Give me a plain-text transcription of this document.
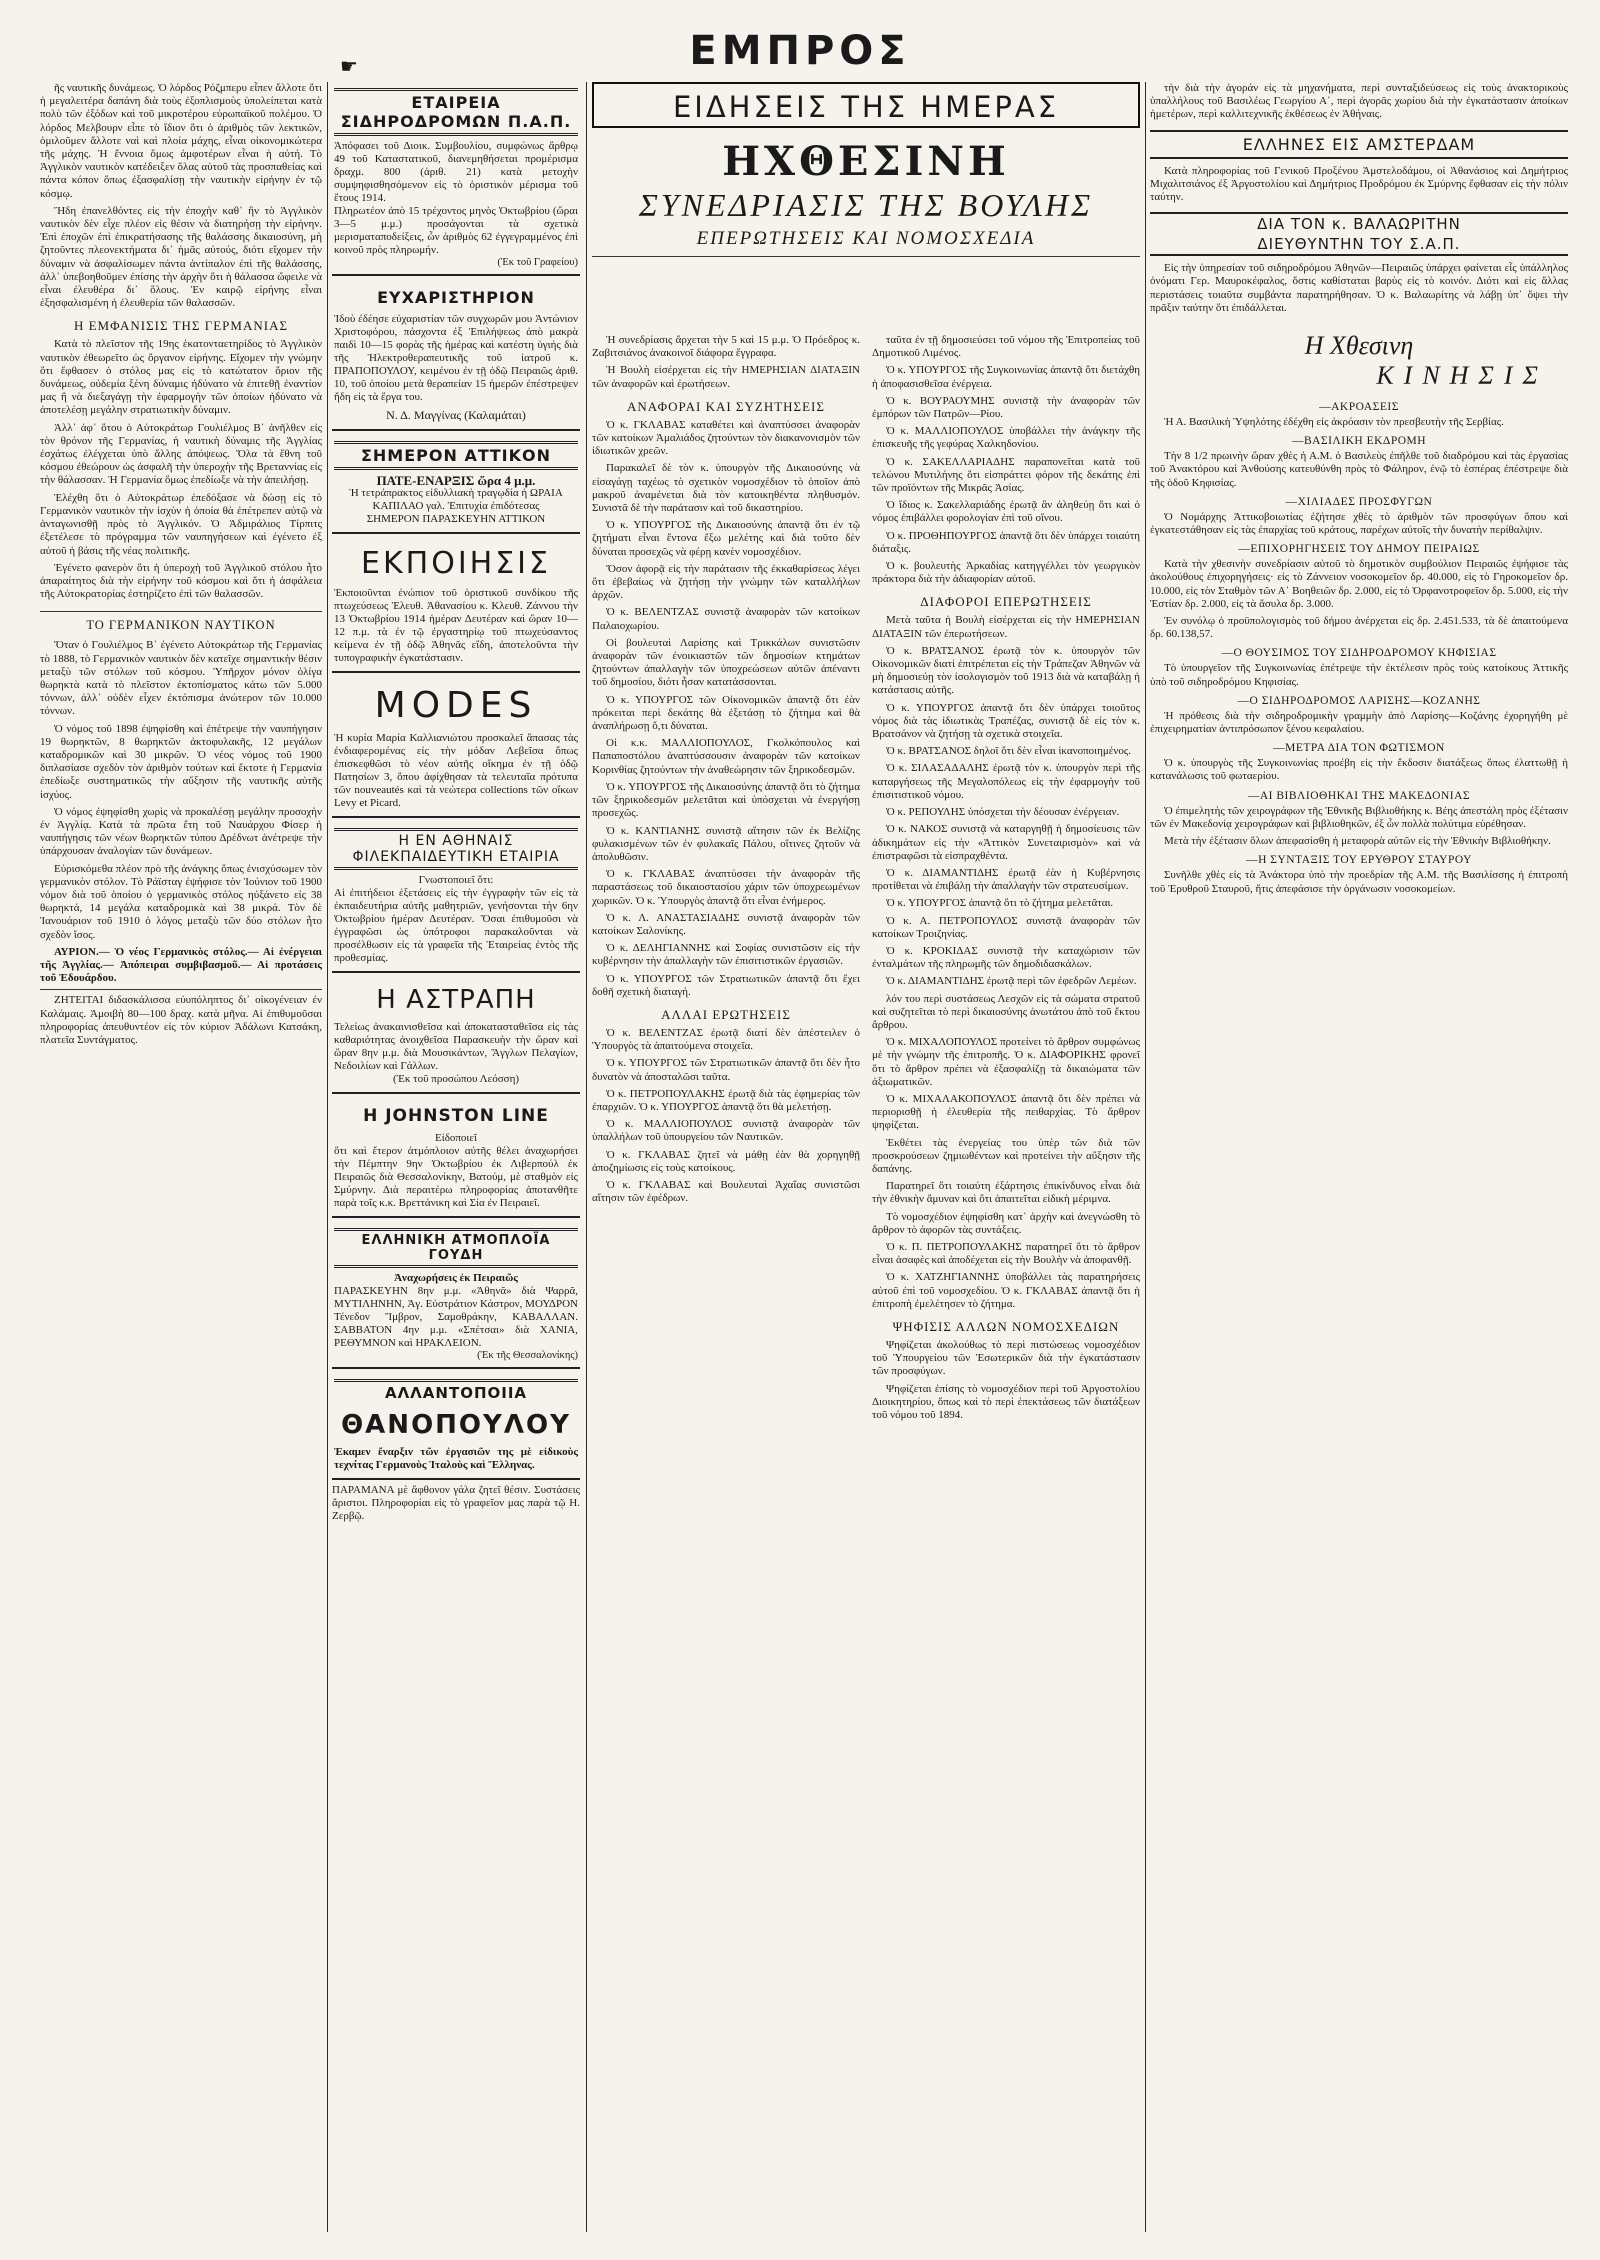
☛	ΕΜΠΡΟΣ

ῆς ναυτικῆς δυνάμεως. Ὁ λόρδος Ρόζμπερυ εἶπεν ἄλλοτε ὅτι ἡ μεγαλειτέρα δαπάνη διὰ τοὺς ἐξοπλισμοὺς ὑπολείπεται κατὰ πολὺ τῶν ἐξόδων καὶ τοῦ μικροτέρου εὐρωπαϊκοῦ πολέμου. Ὁ λόρδος Μελβουρν εἶπε τὸ ἴδιον ὅτι ὁ ἀριθμὸς τῶν λεκτικῶν, ὁμιλοῦμεν ἄλλοτε ναὶ καὶ πλοία μάχης, εἶναι οἰκονομικώτερα τῆς μάχης. Ἡ ἔννοια ὅμως ἀμφοτέρων εἶναι ἡ αὐτή. Τὸ Ἀγγλικὸν ναυτικὸν κατέδειξεν ὅλας αὐτοῦ τὰς προσπαθείας καὶ πάντα κόπον ὅπως ἐξασφαλίσῃ τὴν ναυτικὴν εἰρήνην ἐν τῷ κόσμῳ.

Ἤδη ἐπανελθόντες εἰς τὴν ἐποχὴν καθ᾽ ἣν τὸ Ἀγγλικὸν ναυτικὸν δὲν εἶχε πλέον εἰς θέσιν νὰ διατηρήσῃ τὴν εἰρήνην. Ἐπὶ ἐποχῶν ἐπὶ ἐπικρατήσασης τῆς θαλάσσης δικαιοσύνη, μὴ ζητοῦντες πλεονεκτήματα δι᾽ ἡμᾶς αὐτούς, διότι εἴχομεν τὴν δύναμιν νὰ ἀσφαλίσωμεν πάντα ἀντίπαλον ἐπὶ τῆς θαλάσσης, ἀλλ᾽ ὑπεβοηθοῦμεν ἐπίσης τὴν ἀρχὴν ὅτι ἡ θάλασσα ὤφειλε νὰ εἶναι ἐλευθέρα δι᾽ ὅλους. Ἐν καιρῷ εἰρήνης εἶναι ἐξησφαλισμένη ἡ ἐλευθερία τῶν θαλασσῶν.

Η ΕΜΦΑΝΙΣΙΣ ΤΗΣ ΓΕΡΜΑΝΙΑΣ

Κατὰ τὸ πλεῖστον τῆς 19ης ἑκατονταετηρίδος τὸ Ἀγγλικὸν ναυτικὸν ἐθεωρεῖτο ὡς ὄργανον εἰρήνης. Εἴχομεν τὴν γνώμην ὅτι ἔφθασεν ὁ στόλος μας εἰς τὸ κατώτατον ὅριον τῆς δυνάμεως, οὐδεμία ξένη δύναμις ἠδύνατο νὰ ἐπιτεθῇ ἐναντίον μας ἢ νὰ διεξαγάγῃ τὴν ἐφαρμογὴν τῶν ὁποίων ἠδύνατο νὰ ἀποτελέσῃ μεγάλην στρατιωτικὴν δύναμιν.

Ἀλλ᾽ ἀφ᾽ ὅτου ὁ Αὐτοκράτωρ Γουλιέλμος Β᾽ ἀνῆλθεν εἰς τὸν θρόνον τῆς Γερμανίας, ἡ ναυτικὴ δύναμις τῆς Ἀγγλίας ἐσχάτως ἐλέγχεται ὑπὸ ἄλλης ἀπόψεως. Ὅλα τὰ ἔθνη τοῦ κόσμου ἐθεώρουν ὡς ἀσφαλῆ τὴν ὑπεροχὴν τῆς Βρεταννίας εἰς τὴν θάλασσαν. Ἡ Γερμανία ὅμως ἐπεδίωξε νὰ τὴν ἀπειλήσῃ.

Ἐλέχθη ὅτι ὁ Αὐτοκράτωρ ἐπεδόξασε νὰ δώσῃ εἰς τὸ Γερμανικὸν ναυτικὸν τὴν ἰσχὺν ἡ ὁποία θὰ ἐπέτρεπεν αὐτῷ νὰ ἀνταγωνισθῇ πρὸς τὸ Ἀγγλικόν. Ὁ Ἀδμιράλιος Τίρπιτς ἐξετέλεσε τὸ πρόγραμμα τῶν ναυπηγήσεων καὶ ἐγένετο ἐξ αὐτοῦ ἡ βάσις τῆς νέας πολιτικῆς.

Ἐγένετο φανερὸν ὅτι ἡ ὑπεροχὴ τοῦ Ἀγγλικοῦ στόλου ἦτο ἀπαραίτητος διὰ τὴν εἰρήνην τοῦ κόσμου καὶ ὅτι ἡ ἀσφάλεια τῆς Αὐτοκρατορίας ἐστηρίζετο ἐπὶ τῶν θαλασσῶν.

ΤΟ ΓΕΡΜΑΝΙΚΟΝ ΝΑΥΤΙΚΟΝ

Ὅταν ὁ Γουλιέλμος Β᾽ ἐγένετο Αὐτοκράτωρ τῆς Γερμανίας τὸ 1888, τὸ Γερμανικὸν ναυτικὸν δὲν κατεῖχε σημαντικὴν θέσιν μεταξὺ τῶν στόλων τοῦ κόσμου. Ὑπῆρχον μόνον ὀλίγα θωρηκτὰ κατὰ τὸ πλεῖστον ἐκτοπίσματος κάτω τῶν 5.000 τόννων, ἀλλ᾽ οὐδὲν εἶχεν ἐκτόπισμα ἀνώτερον τῶν 10.000 τόννων.

Ὁ νόμος τοῦ 1898 ἐψηφίσθη καὶ ἐπέτρεψε τὴν ναυπήγησιν 19 θωρηκτῶν, 8 θωρηκτῶν ἀκτοφυλακῆς, 12 μεγάλων καταδρομικῶν καὶ 30 μικρῶν. Ὁ νέος νόμος τοῦ 1900 διπλασίασε σχεδὸν τὸν ἀριθμὸν τούτων καὶ ἔκτοτε ἡ Γερμανία ἐπεδίωξε συστηματικῶς τὴν αὔξησιν τῆς ναυτικῆς αὐτῆς ἰσχύος.

Ὁ νόμος ἐψηφίσθη χωρὶς νὰ προκαλέσῃ μεγάλην προσοχὴν ἐν Ἀγγλίᾳ. Κατὰ τὰ πρῶτα ἔτη τοῦ Ναυάρχου Φίσερ ἡ ναυπήγησις τῶν νέων θωρηκτῶν τύπου Δρέδνωτ ἀνέτρεψε τὴν ὑπάρχουσαν ἀναλογίαν τῶν δυνάμεων.

Εὐρισκόμεθα πλέον πρὸ τῆς ἀνάγκης ὅπως ἐνισχύσωμεν τὸν γερμανικὸν στόλον. Τὸ Ράϊσταγ ἐψήφισε τὸν Ἰούνιον τοῦ 1900 νόμον διὰ τοῦ ὁποίου ὁ γερμανικὸς στόλος ηὐξάνετο εἰς 38 θωρηκτά, 14 μεγάλα καταδρομικὰ καὶ 38 μικρά. Τὸν δὲ Ἰανουάριον τοῦ 1910 ὁ λόγος μεταξὺ τῶν δύο στόλων ἦτο σχεδὸν ἴσος.

ΑΥΡΙΟΝ.— Ὁ νέος Γερμανικὸς στόλος.— Αἱ ἐνέργειαι τῆς Ἀγγλίας.— Ἀπόπειραι συμβιβασμοῦ.— Αἱ προτάσεις τοῦ Ἐδουάρδου.

ΖΗΤΕΙΤΑΙ διδασκάλισσα εὐυπόληπτος δι᾽ οἰκογένειαν ἐν Καλάμαις. Ἀμοιβὴ 80—100 δραχ. κατὰ μῆνα. Αἱ ἐπιθυμοῦσαι πληροφορίας ἀπευθυντέον εἰς τὸν κύριον Ἀδάλωνι Κατσάκη, πλατεῖα Συντάγματος.

ΕΤΑΙΡΕΙΑ ΣΙΔΗΡΟΔΡΟΜΩΝ Π.Α.Π.
Ἀπόφασει τοῦ Διοικ. Συμβουλίου, συμφώνως ἄρθρῳ 49 τοῦ Καταστατικοῦ, διανεμηθήσεται προμέρισμα δραχμ. 800 (ἀριθ. 21) κατὰ μετοχὴν συμψηφισθησόμενον εἰς τὸ ὁριστικὸν μέρισμα τοῦ ἔτους 1914.
Πληρωτέον ἀπὸ 15 τρέχοντος μηνὸς Ὀκτωβρίου (ὥραι 3—5 μ.μ.) προσάγονται τὰ σχετικὰ μερισματαποδείξεις, ὧν ἀριθμὸς 62 ἐγγεγραμμένος ἐπὶ κοινοῦ πρὸς πληρωμήν.
(Ἐκ τοῦ Γραφείου)
ΕΥΧΑΡΙΣΤΗΡΙΟΝ
Ἰδοὺ ἐδέησε εὐχαριστίαν τῶν συγχωρῶν μου Ἀντώνιον Χριστοφόρου, πάσχοντα ἐξ Ἐπιλήψεως ἀπὸ μακρὰ παιδὶ 10—15 φορὰς τῆς ἡμέρας καὶ κατέστη ὑγιής διὰ τῆς Ἠλεκτροθεραπευτικῆς τοῦ ἰατροῦ κ. ΠΡΑΠΟΠΟΥΛΟΥ, κειμένου ἐν τῇ ὁδῷ Πειραιῶς ἀριθ. 10, τοῦ ὁποίου μετὰ θεραπείαν 15 ἡμερῶν ἐπέστρεψεν ἤδη εἰς τὰ ἔργα του.
Ν. Δ. Μαγγίνας (Καλαμάται)
ΣΗΜΕΡΟΝ ΑΤΤΙΚΟΝ
ΠΑΤΕ-ΕΝΑΡΞΙΣ ὥρα 4 μ.μ.
Ἡ τετράπρακτος εἰδυλλιακὴ τραγῳδία ἡ ΩΡΑΙΑ ΚΑΠΙΛΑΟ γαλ. Ἐπιτυχία ἐπιδότεσας
ΣΗΜΕΡΟΝ ΠΑΡΑΣΚΕΥΗΝ ΑΤΤΙΚΟΝ
ΕΚΠΟΙΗΣΙΣ
Ἐκποιοῦνται ἐνώπιον τοῦ ὁριστικοῦ συνδίκου τῆς πτωχεύσεως Ἐλευθ. Ἀθανασίου κ. Κλευθ. Ζάννου τὴν 13 Ὀκτωβρίου 1914 ἡμέραν Δευτέραν καὶ ὥραν 10—12 π.μ. τὰ ἐν τῷ ἐργαστηρίῳ τοῦ πτωχεύσαντος κείμενα ἐν τῇ ὁδῷ Ἀθηνᾶς εἴδη, ἀποτελοῦντα τὴν τυπογραφικὴν ἐγκατάστασιν.
MODES
Ἡ κυρία Μαρία Καλλιανιώτου προσκαλεῖ ἅπασας τὰς ἐνδιαφερομένας εἰς τὴν μόδαν Λεβεῖσα ὅπως ἐπισκεφθῶσι τὸ νέον αὐτῆς οἴκημα ἐν τῇ ὁδῷ Πατησίων 3, ὅπου ἀφίχθησαν τὰ τελευταῖα πρότυπα τῶν nouveautés καὶ τὰ νεώτερα collections τῶν οἴκων Levy et Picard.
Η ΕΝ ΑΘΗΝΑΙΣ ΦΙΛΕΚΠΑΙΔΕΥΤΙΚΗ ΕΤΑΙΡΙΑ
Γνωστοποιεῖ ὅτι:
Αἱ ἐπιτήδειοι ἐξετάσεις εἰς τὴν ἐγγραφὴν τῶν εἰς τὰ ἐκπαιδευτήρια αὐτῆς μαθητριῶν, γενήσονται τὴν 6ην Ὀκτωβρίου ἡμέραν Δευτέραν. Ὅσαι ἐπιθυμοῦσι νὰ ἐγγραφῶσι ὡς ὑπότροφοι παρακαλοῦνται νὰ προσέλθωσιν εἰς τὰ γραφεῖα τῆς Ἑταιρείας ἐντὸς τῆς προθεσμίας.
Η ΑΣΤΡΑΠΗ
Τελείως ἀνακαινισθεῖσα καὶ ἀποκατασταθεῖσα εἰς τὰς καθαριότητας ἀνοιχθεῖσα Παρασκευὴν τὴν ὥραν καὶ ὥραν 8ην μ.μ. διὰ Μουσικάντων, Ἄγγλων Πελαγίων, Νεδοιλίων καὶ Γάλλων.
(Ἐκ τοῦ προσώπου Λεόσση)
Η JOHNSTON LINE
Εἰδοποιεῖ
ὅτι καὶ ἔτερον ἀτμόπλοιον αὐτῆς θέλει ἀναχωρήσει τὴν Πέμπτην 9ην Ὀκτωβρίου ἐκ Λιβερπούλ ἐκ Πειραιῶς διὰ Θεσσαλονίκην, Βατούμ, μὲ σταθμὸν εἰς Σμύρνην. Διὰ περαιτέρω πληροφορίας ἀποτανθῆτε παρὰ τοῖς κ.κ. Βρεττάνικη καὶ Σία ἐν Πειραιεῖ.
ΕΛΛΗΝΙΚΗ ΑΤΜΟΠΛΟΪΑ ΓΟΥΔΗ
Ἀναχωρήσεις ἐκ Πειραιῶς
ΠΑΡΑΣΚΕΥΗΝ 8ην μ.μ. «Ἀθηνᾶ» διὰ Ψαρρᾶ, ΜΥΤΙΛΗΝΗΝ, Ἀγ. Εὐστράτιον Κάστρον, ΜΟΥΔΡΟΝ Τένεδον Ἴμβρον, Σαμοθράκην, ΚΑΒΑΛΛΑΝ. ΣΑΒΒΑΤΟΝ 4ην μ.μ. «Σπέτσαι» διὰ ΧΑΝΙΑ, ΡΕΘΥΜΝΟΝ καὶ ΗΡΑΚΛΕΙΟΝ.
(Ἐκ τῆς Θεσσαλονίκης)
ΑΛΛΑΝΤΟΠΟΙΙΑ
ΘΑΝΟΠΟΥΛΟΥ
Ἐκαμεν ἔναρξιν τῶν ἐργασιῶν της μὲ εἰδικοὺς τεχνίτας Γερμανοὺς Ἰταλοὺς καὶ Ἕλληνας.
ΠΑΡΑΜΑΝΑ μὲ ἄφθονον γάλα ζητεῖ θέσιν. Συστάσεις ἄριστοι. Πληροφορίαι εἰς τὸ γραφεῖον μας παρὰ τῷ Η. Ζερβῷ.
ΕΙΔΗΣΕΙΣ ΤΗΣ ΗΜΕΡΑΣ
ΗΧΘΕΣΙΝΗ
ΣΥΝΕΔΡΙΑΣΙΣ ΤΗΣ ΒΟΥΛΗΣ
ΕΠΕΡΩΤΗΣΕΙΣ ΚΑΙ ΝΟΜΟΣΧΕΔΙΑ

Ἡ συνεδρίασις ἄρχεται τὴν 5 καὶ 15 μ.μ. Ὁ Πρόεδρος κ. Ζαβιτσιάνος ἀνακοινοῖ διάφορα ἔγγραφα.

Ἡ Βουλὴ εἰσέρχεται εἰς τὴν ΗΜΕΡΗΣΙΑΝ ΔΙΑΤΑΞΙΝ τῶν ἀναφορῶν καὶ ἐρωτήσεων.

ΑΝΑΦΟΡΑΙ ΚΑΙ ΣΥΖΗΤΗΣΕΙΣ

Ὁ κ. ΓΚΛΑΒΑΣ καταθέτει καὶ ἀναπτύσσει ἀναφορὰν τῶν κατοίκων Ἀμαλιάδος ζητούντων τὸν διακανονισμὸν τῶν ἰδιωτικῶν χρεῶν.

Παρακαλεῖ δὲ τὸν κ. ὑπουργὸν τῆς Δικαιοσύνης νὰ εἰσαγάγῃ ταχέως τὸ σχετικὸν νομοσχέδιον τὸ ὁποῖον ἀπὸ μακροῦ ἀναμένεται διὰ τὸν κατοικηθέντα πληθυσμόν. Συνιστᾶ δὲ τὴν παράτασιν καὶ τοῦ δικαστηρίου.

Ὁ κ. ΥΠΟΥΡΓΟΣ τῆς Δικαιοσύνης ἀπαντᾷ ὅτι ἐν τῷ ζητήματι εἶναι ἔντονα ἔξω μελέτης καὶ διὰ τοῦτο δὲν δύναται προσεχῶς νὰ φέρῃ κανὲν νομοσχέδιον.

Ὅσον ἀφορᾷ εἰς τὴν παράτασιν τῆς ἐκκαθαρίσεως λέγει ὅτι ἐβεβαίως νὰ ζητήσῃ τὴν γνώμην τῶν καταλλήλων ἀρχῶν.

Ὁ κ. ΒΕΛΕΝΤΖΑΣ συνιστᾷ ἀναφορὰν τῶν κατοίκων Παλαιοχωρίου.

Οἱ βουλευταὶ Λαρίσης καὶ Τρικκάλων συνιστῶσιν ἀναφορὰν τῶν ἐνοικιαστῶν τῶν δημοσίων κτημάτων ζητούντων ἀπαλλαγὴν τῶν ὑποχρεώσεων αὐτῶν ἀπέναντι τοῦ δημοσίου, διότι ἦσαν κατατάσσονται.

Ὁ κ. ΥΠΟΥΡΓΟΣ τῶν Οἰκονομικῶν ἀπαντᾷ ὅτι ἐὰν πρόκειται περὶ δεκάτης θὰ ἐξετάσῃ τὸ ζήτημα καὶ θὰ ἀναπλήρωσῃ ὅ,τι δύναται.

Οἱ κ.κ. ΜΑΛΛΙΟΠΟΥΛΟΣ, Γκολκόπουλος καὶ Παπαποστόλου ἀναπτύσσουσιν ἀναφορὰν τῶν κατοίκων Κορινθίας ζητούντων τὴν ἀναθεώρησιν τῶν ξηρικοδεσμῶν.

Ὁ κ. ΥΠΟΥΡΓΟΣ τῆς Δικαιοσύνης ἀπαντᾷ ὅτι τὸ ζήτημα τῶν ξηρικοδεσμῶν μελετᾶται καὶ ὑπόσχεται νὰ ἐνεργήσῃ προσεχῶς.

Ὁ κ. ΚΑΝΤΙΑΝΗΣ συνιστᾷ αἴτησιν τῶν ἐκ Βελίζης φυλακισμένων τῶν ἐν φυλακαῖς Πάλου, οἵτινες ζητοῦν νὰ ἀπολυθῶσιν.

Ὁ κ. ΓΚΛΑΒΑΣ ἀναπτύσσει τὴν ἀναφορὰν τῆς παραστάσεως τοῦ δικαιοστασίου χάριν τῶν ὑποχρεωμένων χωρικῶν. Ὁ κ. Ὑπουργὸς ἀπαντᾷ ὅτι εἶναι ἐνήμερος.

Ὁ κ. Λ. ΑΝΑΣΤΑΣΙΑΔΗΣ συνιστᾷ ἀναφορὰν τῶν κατοίκων Σαλονίκης.

Ὁ κ. ΔΕΛΗΓΙΑΝΝΗΣ καὶ Σοφίας συνιστῶσιν εἰς τὴν κυβέρνησιν τὴν ἀπαλλαγὴν τῶν ἐπισιτιστικῶν ἐργασιῶν.

Ὁ κ. ΥΠΟΥΡΓΟΣ τῶν Στρατιωτικῶν ἀπαντᾷ ὅτι ἔχει δοθῆ σχετικὴ διαταγή.

ΑΛΛΑΙ ΕΡΩΤΗΣΕΙΣ

Ὁ κ. ΒΕΛΕΝΤΖΑΣ ἐρωτᾷ διατί δὲν ἀπέστειλεν ὁ Ὑπουργὸς τὰ ἀπαιτούμενα στοιχεῖα.

Ὁ κ. ΥΠΟΥΡΓΟΣ τῶν Στρατιωτικῶν ἀπαντᾷ ὅτι δὲν ἦτο δυνατὸν νὰ ἀποσταλῶσι ταῦτα.

Ὁ κ. ΠΕΤΡΟΠΟΥΛΑΚΗΣ ἐρωτᾷ διὰ τὰς ἐφημερίας τῶν ἐπαρχιῶν. Ὁ κ. ΥΠΟΥΡΓΟΣ ἀπαντᾷ ὅτι θὰ μελετήσῃ.

Ὁ κ. ΜΑΛΛΙΟΠΟΥΛΟΣ συνιστᾷ ἀναφορὰν τῶν ὑπαλλήλων τοῦ ὑπουργείου τῶν Ναυτικῶν.

Ὁ κ. ΓΚΛΑΒΑΣ ζητεῖ νὰ μάθῃ ἐὰν θὰ χορηγηθῇ ἀποζημίωσις εἰς τοὺς κατοίκους.

Ὁ κ. ΓΚΛΑΒΑΣ καὶ Βουλευταὶ Ἀχαΐας συνιστῶσι αἴτησιν τῶν ἐφέδρων.

ταῦτα ἐν τῇ δημοσιεύσει τοῦ νόμου τῆς Ἐπιτροπείας τοῦ Δημοτικοῦ Λιμένος.

Ὁ κ. ΥΠΟΥΡΓΟΣ τῆς Συγκοινωνίας ἀπαντᾷ ὅτι διετάχθη ἡ ἀποφασισθεῖσα ἐνέργεια.

Ὁ κ. ΒΟΥΡΑΟΥΜΗΣ συνιστᾷ τὴν ἀναφορὰν τῶν ἐμπόρων τῶν Πατρῶν—Ρίου.

Ὁ κ. ΜΑΛΛΙΟΠΟΥΛΟΣ ὑποβάλλει τὴν ἀνάγκην τῆς ἐπισκευῆς τῆς γεφύρας Χαλκηδονίου.

Ὁ κ. ΣΑΚΕΛΛΑΡΙΑΔΗΣ παραπονεῖται κατὰ τοῦ τελώνου Μυτιλήνης ὅτι εἰσπράττει φόρον τῆς δεκάτης ἐπὶ τῶν προϊόντων τῆς Μικρᾶς Ἀσίας.

Ὁ ἴδιος κ. Σακελλαριάδης ἐρωτᾷ ἂν ἀληθεύῃ ὅτι καὶ ὁ νόμος ἐπιβάλλει φορολογίαν ἐπὶ τοῦ οἴνου.

Ὁ κ. ΠΡΟΘΗΠΟΥΡΓΟΣ ἀπαντᾷ ὅτι δὲν ὑπάρχει τοιαύτη διάταξις.

Ὁ κ. βουλευτὴς Ἀρκαδίας κατηγγέλλει τὸν γεωργικὸν πράκτορα διὰ τὴν ἀδιαφορίαν αὐτοῦ.

ΔΙΑΦΟΡΟΙ ΕΠΕΡΩΤΗΣΕΙΣ

Μετὰ ταῦτα ἡ Βουλὴ εἰσέρχεται εἰς τὴν ΗΜΕΡΗΣΙΑΝ ΔΙΑΤΑΞΙΝ τῶν ἐπερωτήσεων.

Ὁ κ. ΒΡΑΤΣΑΝΟΣ ἐρωτᾷ τὸν κ. ὑπουργὸν τῶν Οἰκονομικῶν διατί ἐπιτρέπεται εἰς τὴν Τράπεζαν Ἀθηνῶν νὰ μὴ δημοσιεύῃ τὸν ἰσολογισμὸν τοῦ 1913 διὰ νὰ καταβάλῃ ἡ κατάστασις αὐτῆς.

Ὁ κ. ΥΠΟΥΡΓΟΣ ἀπαντᾷ ὅτι δὲν ὑπάρχει τοιοῦτος νόμος διὰ τὰς ἰδιωτικὰς Τραπέζας, συνιστᾷ δὲ εἰς τὸν κ. Βρατσάνον νὰ ζητήσῃ τὰ σχετικὰ στοιχεῖα.

Ὁ κ. ΒΡΑΤΣΑΝΟΣ δηλοῖ ὅτι δὲν εἶναι ἱκανοποιημένος.

Ὁ κ. ΣΙΛΑΣΑΔΑΛΗΣ ἐρωτᾷ τὸν κ. ὑπουργὸν περὶ τῆς καταργήσεως τῆς Μεγαλοπόλεως εἰς τὴν ἐφαρμογὴν τοῦ ἐπισιτιστικοῦ νόμου.

Ὁ κ. ΡΕΠΟΥΛΗΣ ὑπόσχεται τὴν δέουσαν ἐνέργειαν.

Ὁ κ. ΝΑΚΟΣ συνιστᾷ νὰ καταργηθῇ ἡ δημοσίευσις τῶν ἀδικημάτων εἰς τὴν «Ἀττικὸν Συνεταιρισμὸν» καὶ νὰ ἐπιστραφῶσι τὰ εἰσπραχθέντα.

Ὁ κ. ΔΙΑΜΑΝΤΙΔΗΣ ἐρωτᾷ ἐὰν ἡ Κυβέρνησις προτίθεται νὰ ἐπιβάλῃ τὴν ἀπαλλαγὴν τῶν στρατευσίμων.

Ὁ κ. ΥΠΟΥΡΓΟΣ ἀπαντᾷ ὅτι τὸ ζήτημα μελετᾶται.

Ὁ κ. Α. ΠΕΤΡΟΠΟΥΛΟΣ συνιστᾷ ἀναφορὰν τῶν κατοίκων Τροιζηνίας.

Ὁ κ. ΚΡΟΚΙΔΑΣ συνιστᾷ τὴν καταχώρισιν τῶν ἐνταλμάτων τῆς πληρωμῆς τῶν δημοδιδασκάλων.

Ὁ κ. ΔΙΑΜΑΝΤΙΔΗΣ ἐρωτᾷ περὶ τῶν ἐφεδρῶν Λεμέων.

λόν του περὶ συστάσεως Λεσχῶν εἰς τὰ σώματα στρατοῦ καὶ συζητεῖται τὸ περὶ δικαιοσύνης ἀνωτάτου ἀπὸ τοῦ ἔκτου ἄρθρου.

Ὁ κ. ΜΙΧΑΛΟΠΟΥΛΟΣ προτείνει τὸ ἄρθρον συμφώνως μὲ τὴν γνώμην τῆς ἐπιτροπῆς. Ὁ κ. ΔΙΑΦΟΡΙΚΗΣ φρονεῖ ὅτι τὸ ἄρθρον πρέπει νὰ ἐξασφαλίζῃ τὰ δικαιώματα τῶν ἀξιωματικῶν.

Ὁ κ. ΜΙΧΑΛΑΚΟΠΟΥΛΟΣ ἀπαντᾷ ὅτι δὲν πρέπει νὰ περιορισθῇ ἡ ἐλευθερία τῆς πειθαρχίας. Τὸ ἄρθρον ψηφίζεται.

Ἐκθέτει τὰς ἐνεργείας του ὑπὲρ τῶν διὰ τῶν προσκρούσεων ζημιωθέντων καὶ προτείνει τὴν αὔξησιν τῆς δαπάνης.

Παρατηρεῖ ὅτι τοιαύτη ἐξάρτησις ἐπικίνδυνος εἶναι διὰ τὴν ἐθνικὴν ἄμυναν καὶ ὅτι ἀπαιτεῖται εἰδικὴ μέριμνα.

Τὸ νομοσχέδιον ἐψηφίσθη κατ᾽ ἀρχὴν καὶ ἀνεγνώσθη τὸ ἄρθρον τὸ ἀφορῶν τὰς συντάξεις.

Ὁ κ. Π. ΠΕΤΡΟΠΟΥΛΑΚΗΣ παρατηρεῖ ὅτι τὸ ἄρθρον εἶναι ἀσαφὲς καὶ ἀποδέχεται εἰς τὴν Βουλὴν νὰ ἀποφανθῇ.

Ὁ κ. ΧΑΤΖΗΓΙΑΝΝΗΣ ὑποβάλλει τὰς παρατηρήσεις αὐτοῦ ἐπὶ τοῦ νομοσχεδίου. Ὁ κ. ΓΚΛΑΒΑΣ ἀπαντᾷ ὅτι ἡ ἐπιτροπὴ ἐμελέτησεν τὸ ζήτημα.

ΨΗΦΙΣΙΣ ΑΛΛΩΝ ΝΟΜΟΣΧΕΔΙΩΝ

Ψηφίζεται ἀκολούθως τὸ περὶ πιστώσεως νομοσχέδιον τοῦ Ὑπουργείου τῶν Ἐσωτερικῶν διὰ τὴν ἐγκατάστασιν τῶν προσφύγων.

Ψηφίζεται ἐπίσης τὸ νομοσχέδιον περὶ τοῦ Ἀργοστολίου Διοικητηρίου, ὅπως καὶ τὸ περὶ ἐπεκτάσεως τῶν διατάξεων τοῦ νόμου τοῦ 1894.

τὴν διὰ τὴν ἀγοράν εἰς τὰ μηχανήματα, περὶ συνταξιδεύσεως εἰς τοὺς ἀνακτορικοὺς ὑπαλλήλους τοῦ Βασιλέως Γεωργίου Α᾽, περὶ ἀγορᾶς χωρίου διὰ τὴν ἐγκατάστασιν ἀποίκων ἡμετέρων, περὶ καλλιτεχνικῆς ἐκθέσεως ἐν Ἀθήναις.

ΕΛΛΗΝΕΣ ΕΙΣ ΑΜΣΤΕΡΔΑΜ

Κατὰ πληροφορίας τοῦ Γενικοῦ Προξένου Ἀμστελοδάμου, οἱ Ἀθανάσιος καὶ Δημήτριος Μιχαλιτσιάνος ἐξ Ἀργοστολίου καὶ Δημήτριος Προδρόμου ἐκ Σμύρνης ἔφθασαν εἰς τὴν πόλιν ταύτην.

ΔΙΑ ΤΟΝ κ. ΒΑΛΑΩΡΙΤΗΝ
ΔΙΕΥΘΥΝΤΗΝ ΤΟΥ Σ.Α.Π.

Εἰς τὴν ὑπηρεσίαν τοῦ σιδηροδρόμου Ἀθηνῶν—Πειραιῶς ὑπάρχει φαίνεται εἷς ὑπάλληλος ὀνόματι Γερ. Μαυροκέφαλος, ὅστις καθίσταται βαρὺς εἰς τὸ κοινόν. Διότι καὶ εἰς ἄλλας περιστάσεις τοιαῦτα συμβάντα παρατηρήθησαν. Ὁ κ. Βαλαωρίτης νὰ λάβῃ ὑπ᾽ ὄψει τὴν πρᾶξιν ταύτην ὅτι ἐπιδάλλεται.

Η Χθεσινη
ΚΙΝΗΣΙΣ
—ΑΚΡΟΑΣΕΙΣ

Ἡ Α. Βασιλικὴ Ὑψηλότης ἐδέχθη εἰς ἀκρόασιν τὸν πρεσβευτὴν τῆς Σερβίας.

—ΒΑΣΙΛΙΚΗ ΕΚΔΡΟΜΗ

Τὴν 8 1/2 πρωινὴν ὥραν χθὲς ἡ Α.Μ. ὁ Βασιλεὺς ἐπῆλθε τοῦ διαδρόμου καὶ τὰς ἐργασίας τοῦ Ἀνακτόρου καὶ Ἀνθούσης κατευθύνθη πρὸς τὸ Φάληρον, ἐνῷ τὸ ἑσπέρας ἐπέστρεψε διὰ τῆς ὁδοῦ Κηφισίας.

—ΧΙΛΙΑΔΕΣ ΠΡΟΣΦΥΓΩΝ

Ὁ Νομάρχης Ἀττικοβοιωτίας ἐζήτησε χθὲς τὸ ἀριθμὸν τῶν προσφύγων ὅπου καὶ ἐγκατεστάθησαν εἰς τὰς ἐπαρχίας τοῦ κράτους, παρέχων αὐτοῖς τὴν δυνατὴν περίθαλψιν.

—ΕΠΙΧΟΡΗΓΗΣΕΙΣ ΤΟΥ ΔΗΜΟΥ ΠΕΙΡΑΙΩΣ

Κατὰ τὴν χθεσινὴν συνεδρίασιν αὐτοῦ τὸ δημοτικὸν συμβούλιον Πειραιῶς ἐψήφισε τὰς ἀκολούθους ἐπιχορηγήσεις· εἰς τὸ Ζάννειον νοσοκομεῖον δρ. 40.000, εἰς τὸ Γηροκομεῖον δρ. 10.000, εἰς τὸν Σταθμὸν τῶν Α᾽ Βοηθειῶν δρ. 2.000, εἰς τὸ Ὀρφανοτροφεῖον δρ. 5.000, εἰς τὴν Ἑστίαν δρ. 2.000, εἰς τὰ ἄσυλα δρ. 3.000.

Ἐν συνόλῳ ὁ προϋπολογισμὸς τοῦ δήμου ἀνέρχεται εἰς δρ. 2.451.533, τὰ δὲ ἀπαιτούμενα δρ. 60.138,57.

—Ο ΘΟΥΣΙΜΟΣ ΤΟΥ ΣΙΔΗΡΟΔΡΟΜΟΥ ΚΗΦΙΣΙΑΣ

Τὸ ὑπουργεῖον τῆς Συγκοινωνίας ἐπέτρεψε τὴν ἐκτέλεσιν πρὸς τοὺς κατοίκους Ἀττικῆς ὑπὸ τοῦ σιδηροδρόμου Κηφισίας.

—Ο ΣΙΔΗΡΟΔΡΟΜΟΣ ΛΑΡΙΣΗΣ—ΚΟΖΑΝΗΣ

Ἡ πρόθεσις διὰ τὴν σιδηροδρομικὴν γραμμὴν ἀπὸ Λαρίσης—Κοζάνης ἐχορηγήθη μὲ ἐπιχειρηματίαν ἀντιπρόσωπον ξένου κεφαλαίου.

—ΜΕΤΡΑ ΔΙΑ ΤΟΝ ΦΩΤΙΣΜΟΝ

Ὁ κ. ὑπουργὸς τῆς Συγκοινωνίας προέβη εἰς τὴν ἔκδοσιν διατάξεως ὅπως ἐλαττωθῇ ἡ κατανάλωσις τοῦ φωταερίου.

—ΑΙ ΒΙΒΛΙΟΘΗΚΑΙ ΤΗΣ ΜΑΚΕΔΟΝΙΑΣ

Ὁ ἐπιμελητὴς τῶν χειρογράφων τῆς Ἐθνικῆς Βιβλιοθήκης κ. Βέης ἀπεστάλη πρὸς ἐξέτασιν τῶν ἐν Μακεδονίᾳ χειρογράφων καὶ βιβλιοθηκῶν, ἐξ ὧν πολλὰ πολύτιμα εὑρέθησαν.

Μετὰ τὴν ἐξέτασιν ὅλων ἀπεφασίσθη ἡ μεταφορὰ αὐτῶν εἰς τὴν Ἐθνικὴν Βιβλιοθήκην.

—Η ΣΥΝΤΑΞΙΣ ΤΟΥ ΕΡΥΘΡΟΥ ΣΤΑΥΡΟΥ

Συνῆλθε χθὲς εἰς τὰ Ἀνάκτορα ὑπὸ τὴν προεδρίαν τῆς Α.Μ. τῆς Βασιλίσσης ἡ ἐπιτροπὴ τοῦ Ἐρυθροῦ Σταυροῦ, ἥτις ἀπεφάσισε τὴν ὀργάνωσιν νοσοκομείων.
